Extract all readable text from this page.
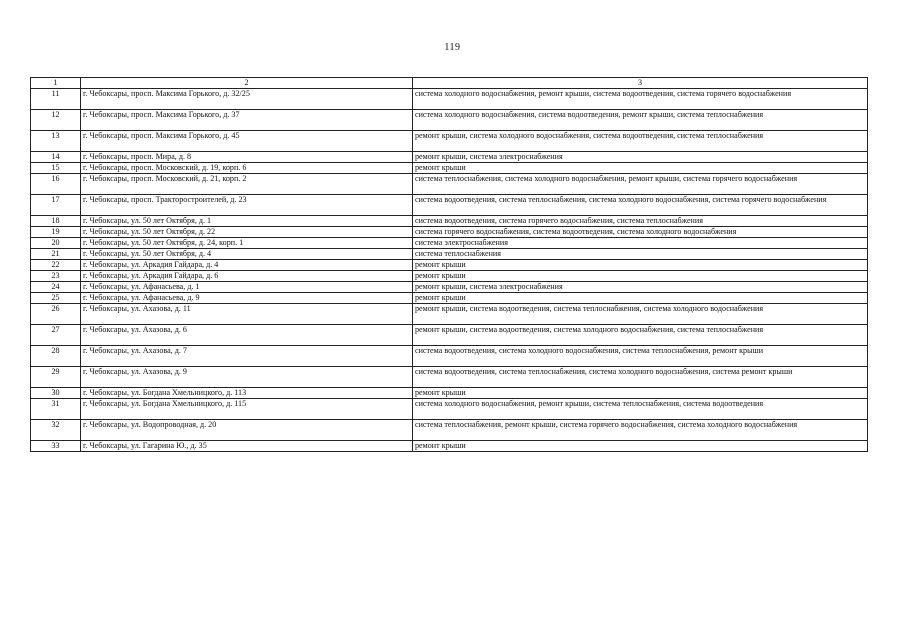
119
1	2	3
11	г. Чебоксары, просп. Максима Горького, д. 32/25	система холодного водоснабжения, ремонт крыши, система водоотведения, система горячего водоснабжения
12	г. Чебоксары, просп. Максима Горького, д. 37	система холодного водоснабжения, система водоотведения, ремонт крыши, система теплоснабжения
13	г. Чебоксары, просп. Максима Горького, д. 45	ремонт крыши, система холодного водоснабжения, система водоотведения, система теплоснабжения
14	г. Чебоксары, просп. Мира, д. 8	ремонт крыши, система электроснабжения
15	г. Чебоксары, просп. Московский, д. 19, корп. 6	ремонт крыши
16	г. Чебоксары, просп. Московский, д. 21, корп. 2	система теплоснабжения, система холодного водоснабжения, ремонт крыши, система горячего водоснабжения
17	г. Чебоксары, просп. Тракторостроителей, д. 23	система водоотведения, система теплоснабжения, система холодного водоснабжения, система горячего водоснабжения
18	г. Чебоксары, ул. 50 лет Октября, д. 1	система водоотведения, система горячего водоснабжения, система теплоснабжения
19	г. Чебоксары, ул. 50 лет Октября, д. 22	система горячего водоснабжения, система водоотведения, система холодного водоснабжения
20	г. Чебоксары, ул. 50 лет Октября, д. 24, корп. 1	система электроснабжения
21	г. Чебоксары, ул. 50 лет Октября, д. 4	система теплоснабжения
22	г. Чебоксары, ул. Аркадия Гайдара, д. 4	ремонт крыши
23	г. Чебоксары, ул. Аркадия Гайдара, д. 6	ремонт крыши
24	г. Чебоксары, ул. Афанасьева, д. 1	ремонт крыши, система электроснабжения
25	г. Чебоксары, ул. Афанасьева, д. 9	ремонт крыши
26	г. Чебоксары, ул. Ахазова, д. 11	ремонт крыши, система водоотведения, система теплоснабжения, система холодного водоснабжения
27	г. Чебоксары, ул. Ахазова, д. 6	ремонт крыши, система водоотведения, система холодного водоснабжения, система теплоснабжения
28	г. Чебоксары, ул. Ахазова, д. 7	система водоотведения, система холодного водоснабжения, система теплоснабжения, ремонт крыши
29	г. Чебоксары, ул. Ахазова, д. 9	система водоотведения, система теплоснабжения, система холодного водоснабжения, система ремонт крыши
30	г. Чебоксары, ул. Богдана Хмельницкого, д. 113	ремонт крыши
31	г. Чебоксары, ул. Богдана Хмельницкого, д. 115	система холодного водоснабжения, ремонт крыши, система теплоснабжения, система водоотведения
32	г. Чебоксары, ул. Водопроводная, д. 20	система теплоснабжения, ремонт крыши, система горячего водоснабжения, система холодного водоснабжения
33	г. Чебоксары, ул. Гагарина Ю., д. 35	ремонт крыши
